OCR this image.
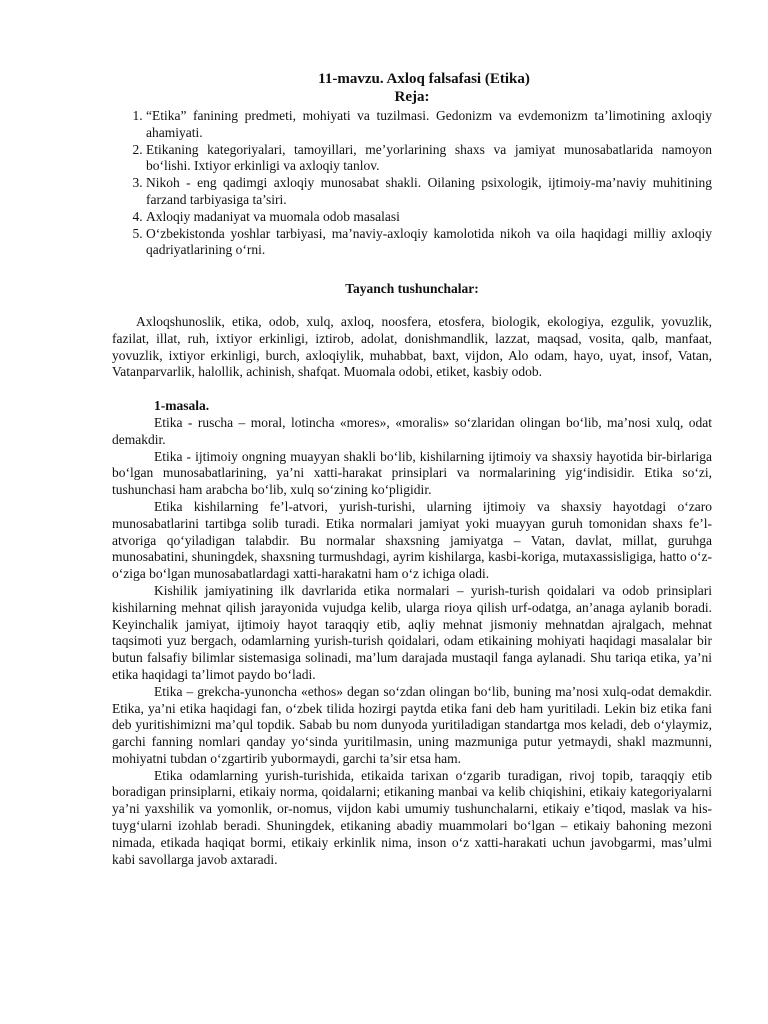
11-mavzu. Axloq falsafasi (Etika)
Reja:
1. “Etika” fanining predmeti, mohiyati va tuzilmasi. Gedonizm va evdemonizm ta’limotining axloqiy ahamiyati.
2. Etikaning kategoriyalari, tamoyillari, me’yorlarining shaxs va jamiyat munosabatlarida namoyon bo‘lishi. Ixtiyor erkinligi va axloqiy tanlov.
3. Nikoh - eng qadimgi axloqiy munosabat shakli. Oilaning psixologik, ijtimoiy-ma’naviy muhitining farzand tarbiyasiga ta’siri.
4. Axloqiy madaniyat va muomala odob masalasi
5. O‘zbekistonda yoshlar tarbiyasi, ma’naviy-axloqiy kamolotida nikoh va oila haqidagi milliy axloqiy qadriyatlarining o‘rni.
Tayanch tushunchalar:

Axloqshunoslik, etika, odob, xulq, axloq, noosfera, etosfera, biologik, ekologiya, ezgulik, yovuzlik, fazilat, illat, ruh, ixtiyor erkinligi, iztirob, adolat, donishmandlik, lazzat, maqsad, vosita, qalb, manfaat, yovuzlik, ixtiyor erkinligi, burch, axloqiylik, muhabbat, baxt, vijdon, Alo odam, hayo, uyat, insof, Vatan, Vatanparvarlik, halollik, achinish, shafqat. Muomala odobi, etiket, kasbiy odob.

1-masala.

Etika - ruscha – moral, lotincha «mores», «moralis» so‘zlaridan olingan bo‘lib, ma’nosi xulq, odat demakdir.

Etika - ijtimoiy ongning muayyan shakli bo‘lib, kishilarning ijtimoiy va shaxsiy hayotida bir-birlariga bo‘lgan munosabatlarining, ya’ni xatti-harakat prinsiplari va normalarining yig‘indisidir. Etika so‘zi, tushunchasi ham arabcha bo‘lib, xulq so‘zining ko‘pligidir.

Etika kishilarning fe’l-atvori, yurish-turishi, ularning ijtimoiy va shaxsiy hayotdagi o‘zaro munosabatlarini tartibga solib turadi. Etika normalari jamiyat yoki muayyan guruh tomonidan shaxs fe’l-atvoriga qo‘yiladigan talabdir. Bu normalar shaxsning jamiyatga – Vatan, davlat, millat, guruhga munosabatini, shuningdek, shaxsning turmushdagi, ayrim kishilarga, kasbi-koriga, mutaxassisligiga, hatto o‘z-o‘ziga bo‘lgan munosabatlardagi xatti-harakatni ham o‘z ichiga oladi.

Kishilik jamiyatining ilk davrlarida etika normalari – yurish-turish qoidalari va odob prinsiplari kishilarning mehnat qilish jarayonida vujudga kelib, ularga rioya qilish urf-odatga, an’anaga aylanib boradi. Keyinchalik jamiyat, ijtimoiy hayot taraqqiy etib, aqliy mehnat jismoniy mehnatdan ajralgach, mehnat taqsimoti yuz bergach, odamlarning yurish-turish qoidalari, odam etikaining mohiyati haqidagi masalalar bir butun falsafiy bilimlar sistemasiga solinadi, ma’lum darajada mustaqil fanga aylanadi. Shu tariqa etika, ya’ni etika haqidagi ta’limot paydo bo‘ladi.

Etika – grekcha-yunoncha «ethos» degan so‘zdan olingan bo‘lib, buning ma’nosi xulq-odat demakdir. Etika, ya’ni etika haqidagi fan, o‘zbek tilida hozirgi paytda etika fani deb ham yuritiladi. Lekin biz etika fani deb yuritishimizni ma’qul topdik. Sabab bu nom dunyoda yuritiladigan standartga mos keladi, deb o‘ylaymiz, garchi fanning nomlari qanday yo‘sinda yuritilmasin, uning mazmuniga putur yetmaydi, shakl mazmunni, mohiyatni tubdan o‘zgartirib yubormaydi, garchi ta’sir etsa ham.

Etika odamlarning yurish-turishida, etikaida tarixan o‘zgarib turadigan, rivoj topib, taraqqiy etib boradigan prinsiplarni, etikaiy norma, qoidalarni; etikaning manbai va kelib chiqishini, etikaiy kategoriyalarni ya’ni yaxshilik va yomonlik, or-nomus, vijdon kabi umumiy tushunchalarni, etikaiy e’tiqod, maslak va his-tuyg‘ularni izohlab beradi. Shuningdek, etikaning abadiy muammolari bo‘lgan – etikaiy bahoning mezoni nimada, etikada haqiqat bormi, etikaiy erkinlik nima, inson o‘z xatti-harakati uchun javobgarmi, mas’ulmi kabi savollarga javob axtaradi.
